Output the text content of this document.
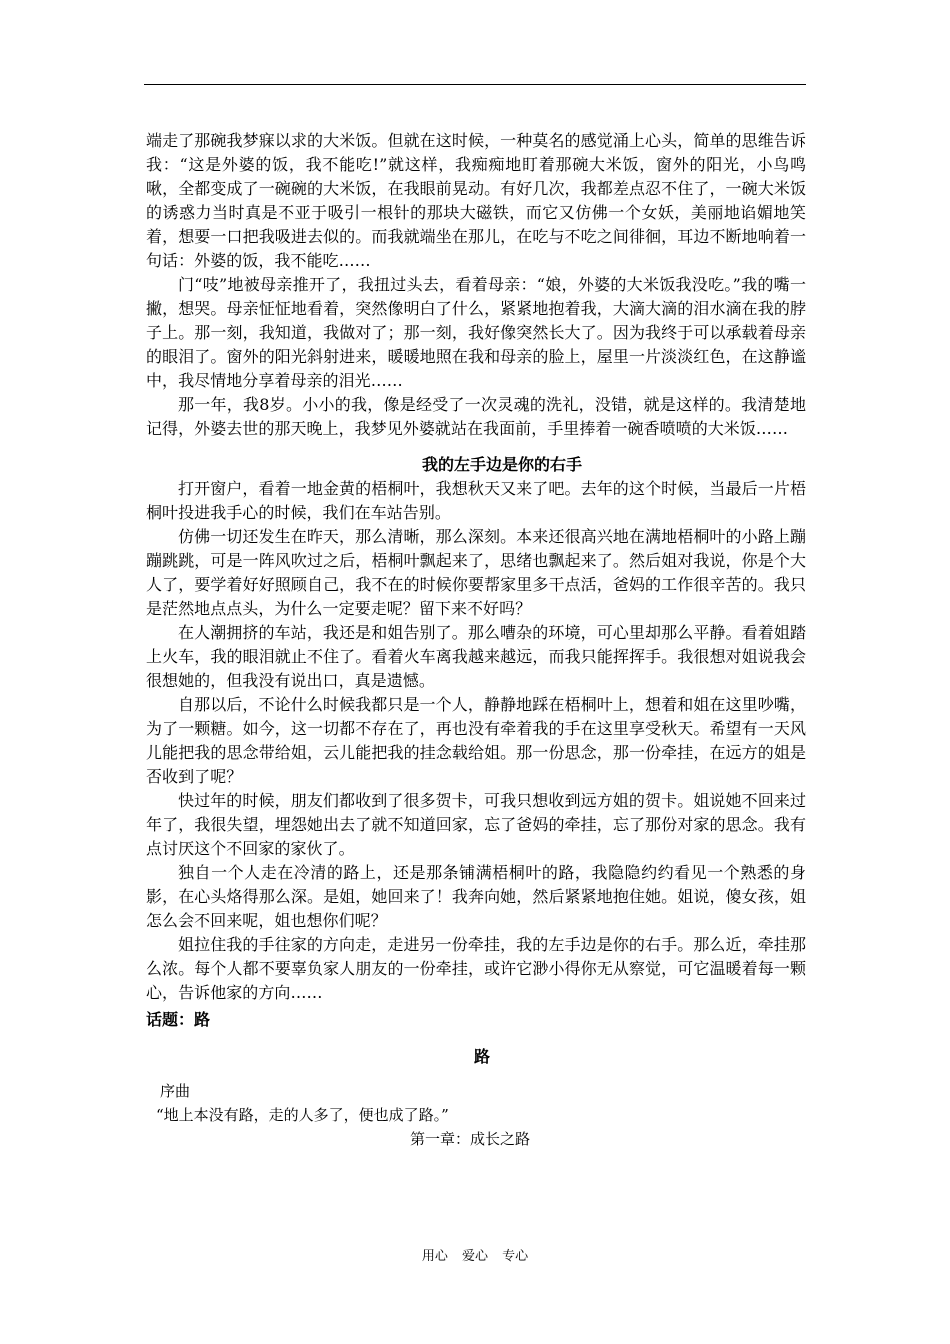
端走了那碗我梦寐以求的大米饭。但就在这时候，一种莫名的感觉涌上心头，简单的思维告诉我：“这是外婆的饭，我不能吃!”就这样，我痴痴地盯着那碗大米饭，窗外的阳光，小鸟鸣啾，全都变成了一碗碗的大米饭，在我眼前晃动。有好几次，我都差点忍不住了，一碗大米饭的诱惑力当时真是不亚于吸引一根针的那块大磁铁，而它又仿佛一个女妖，美丽地谄媚地笑着，想要一口把我吸进去似的。而我就端坐在那儿，在吃与不吃之间徘徊，耳边不断地响着一句话：外婆的饭，我不能吃……

门“吱”地被母亲推开了，我扭过头去，看着母亲：“娘，外婆的大米饭我没吃。”我的嘴一撇，想哭。母亲怔怔地看着，突然像明白了什么，紧紧地抱着我，大滴大滴的泪水滴在我的脖子上。那一刻，我知道，我做对了；那一刻，我好像突然长大了。因为我终于可以承载着母亲的眼泪了。窗外的阳光斜射进来，暖暖地照在我和母亲的脸上，屋里一片淡淡红色，在这静谧中，我尽情地分享着母亲的泪光……

那一年，我8岁。小小的我，像是经受了一次灵魂的洗礼，没错，就是这样的。我清楚地记得，外婆去世的那天晚上，我梦见外婆就站在我面前，手里捧着一碗香喷喷的大米饭……

我的左手边是你的右手

打开窗户，看着一地金黄的梧桐叶，我想秋天又来了吧。去年的这个时候，当最后一片梧桐叶投进我手心的时候，我们在车站告别。

仿佛一切还发生在昨天，那么清晰，那么深刻。本来还很高兴地在满地梧桐叶的小路上蹦蹦跳跳，可是一阵风吹过之后，梧桐叶飘起来了，思绪也飘起来了。然后姐对我说，你是个大人了，要学着好好照顾自己，我不在的时候你要帮家里多干点活，爸妈的工作很辛苦的。我只是茫然地点点头，为什么一定要走呢？留下来不好吗？

在人潮拥挤的车站，我还是和姐告别了。那么嘈杂的环境，可心里却那么平静。看着姐踏上火车，我的眼泪就止不住了。看着火车离我越来越远，而我只能挥挥手。我很想对姐说我会很想她的，但我没有说出口，真是遗憾。

自那以后，不论什么时候我都只是一个人，静静地踩在梧桐叶上，想着和姐在这里吵嘴，为了一颗糖。如今，这一切都不存在了，再也没有牵着我的手在这里享受秋天。希望有一天风儿能把我的思念带给姐，云儿能把我的挂念载给姐。那一份思念，那一份牵挂，在远方的姐是否收到了呢？

快过年的时候，朋友们都收到了很多贺卡，可我只想收到远方姐的贺卡。姐说她不回来过年了，我很失望，埋怨她出去了就不知道回家，忘了爸妈的牵挂，忘了那份对家的思念。我有点讨厌这个不回家的家伙了。

独自一个人走在冷清的路上，还是那条铺满梧桐叶的路，我隐隐约约看见一个熟悉的身影，在心头烙得那么深。是姐，她回来了！我奔向她，然后紧紧地抱住她。姐说，傻女孩，姐怎么会不回来呢，姐也想你们呢？

姐拉住我的手往家的方向走，走进另一份牵挂，我的左手边是你的右手。那么近，牵挂那么浓。每个人都不要辜负家人朋友的一份牵挂，或许它渺小得你无从察觉，可它温暖着每一颗心，告诉他家的方向……

话题：路
路

序曲

“地上本没有路，走的人多了，便也成了路。”

第一章：成长之路

用心 爱心 专心
